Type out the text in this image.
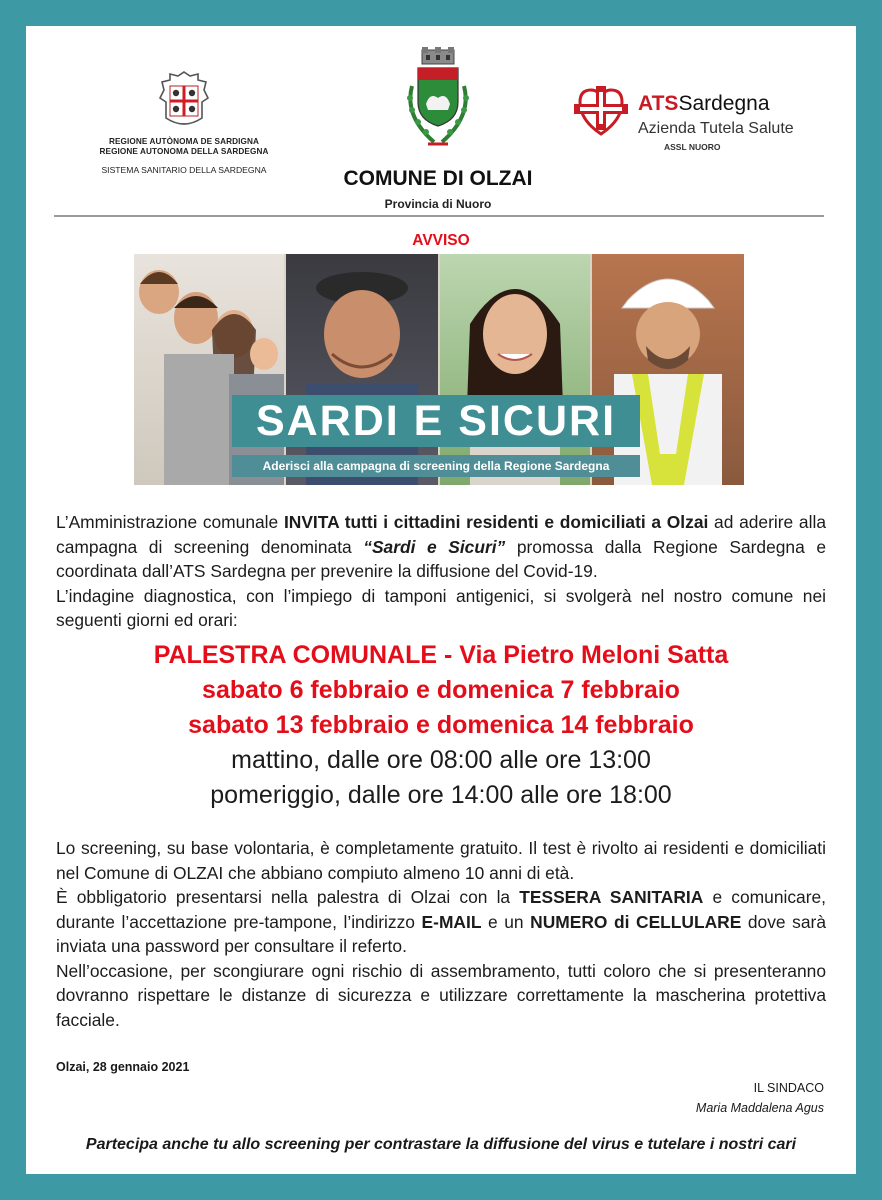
REGIONE AUTÒNOMA DE SARDIGNA
REGIONE AUTONOMA DELLA SARDEGNA
SISTEMA SANITARIO DELLA SARDEGNA	COMUNE DI OLZAI
Provincia di Nuoro
ATSSardegna
Azienda Tutela Salute
ASSL NUORO
AVVISO
SARDI E SICURI
Aderisci alla campagna di screening della Regione Sardegna

L’Amministrazione comunale INVITA tutti i cittadini residenti e domiciliati a Olzai ad aderire alla campagna di screening denominata “Sardi e Sicuri” promossa dalla Regione Sardegna e coordinata dall’ATS Sardegna per prevenire la diffusione del Covid-19.

L’indagine diagnostica, con l’impiego di tamponi antigenici, si svolgerà nel nostro comune nei seguenti giorni ed orari:

PALESTRA COMUNALE - Via Pietro Meloni Satta
sabato 6 febbraio e domenica 7 febbraio
sabato 13 febbraio e domenica 14 febbraio
mattino, dalle ore 08:00 alle ore 13:00
pomeriggio, dalle ore 14:00 alle ore 18:00

Lo screening, su base volontaria, è completamente gratuito. Il test è rivolto ai residenti e domiciliati nel Comune di OLZAI che abbiano compiuto almeno 10 anni di età.

È obbligatorio presentarsi nella palestra di Olzai con la TESSERA SANITARIA e comunicare, durante l’accettazione pre-tampone, l’indirizzo E-MAIL e un NUMERO di CELLULARE dove sarà inviata una password per consultare il referto.

Nell’occasione, per scongiurare ogni rischio di assembramento, tutti coloro che si presenteranno dovranno rispettare le distanze di sicurezza e utilizzare correttamente la mascherina protettiva facciale.

Olzai, 28 gennaio 2021
IL SINDACO
Maria Maddalena Agus
Partecipa anche tu allo screening per contrastare la diffusione del virus e tutelare i nostri cari
